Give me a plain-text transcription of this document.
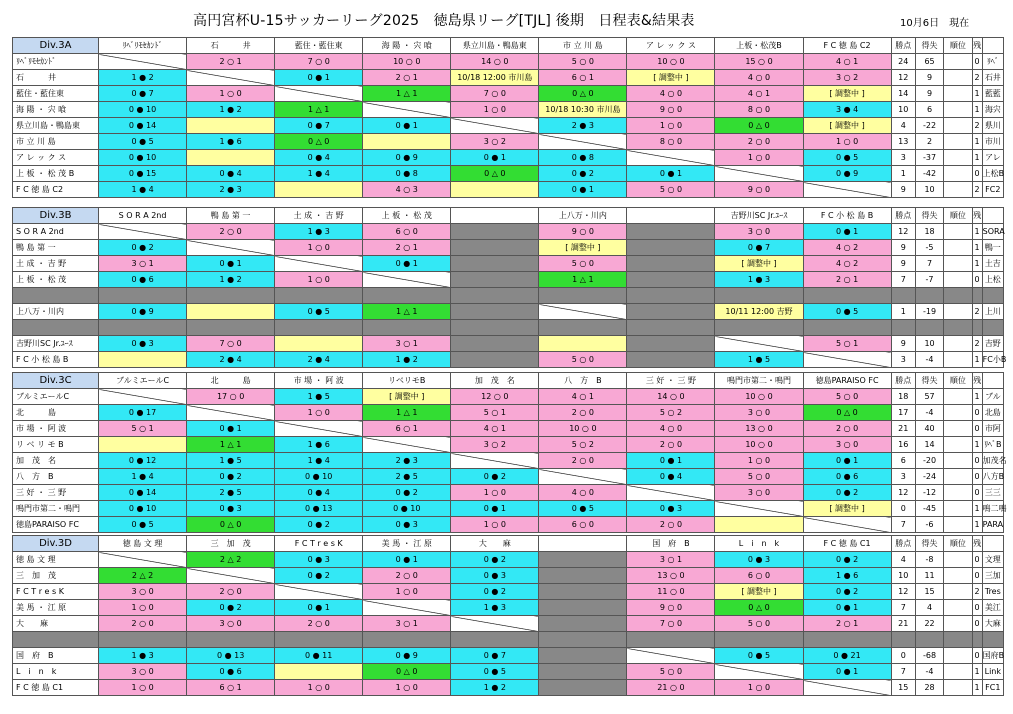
高円宮杯U-15サッカーリーグ2025　徳島県リーグ[TJL] 後期　日程表&結果表	10月6日　現在
Div.3A	ﾘﾍﾞﾘﾓｾｶﾝﾄﾞ	石　　　井	藍住・藍住東	海 陽 ・ 宍 喰	県立川島・鴨島東	市 立 川 島	ア レ ッ ク ス	上板・松茂B	F C 徳 島 C2	勝点	得失	順位	残	
ﾘﾍﾞﾘﾓｾｶﾝﾄﾞ		2 ○ 1	7 ○ 0	10 ○ 0	14 ○ 0	5 ○ 0	10 ○ 0	15 ○ 0	4 ○ 1	24	65		0	ﾘﾍﾞ
石　　　井	1 ● 2		0 ● 1	2 ○ 1	10/18 12:00 市川島	6 ○ 1	[ 調整中 ]	4 ○ 0	3 ○ 2	12	9		2	石井
藍住・藍住東	0 ● 7	1 ○ 0		1 △ 1	7 ○ 0	0 △ 0	4 ○ 0	4 ○ 1	[ 調整中 ]	14	9		1	藍藍
海 陽 ・ 宍 喰	0 ● 10	1 ● 2	1 △ 1		1 ○ 0	10/18 10:30 市川島	9 ○ 0	8 ○ 0	3 ● 4	10	6		1	海宍
県立川島・鴨島東	0 ● 14		0 ● 7	0 ● 1		2 ● 3	1 ○ 0	0 △ 0	[ 調整中 ]	4	-22		2	県川
市 立 川 島	0 ● 5	1 ● 6	0 △ 0		3 ○ 2		8 ○ 0	2 ○ 0	1 ○ 0	13	2		1	市川
ア レ ッ ク ス	0 ● 10		0 ● 4	0 ● 9	0 ● 1	0 ● 8		1 ○ 0	0 ● 5	3	-37		1	アレ
上 板 ・ 松 茂 B	0 ● 15	0 ● 4	1 ● 4	0 ● 8	0 △ 0	0 ● 2	0 ● 1		0 ● 9	1	-42		0	上松B
F C 徳 島 C2	1 ● 4	2 ● 3		4 ○ 3		0 ● 1	5 ○ 0	9 ○ 0		9	10		2	FC2
Div.3B	S O R A 2nd	鴨 島 第 一	土 成 ・ 吉 野	上 板 ・ 松 茂		上八万・川内		吉野川SC Jr.ﾕｰｽ	F C 小 松 島 B	勝点	得失	順位	残	
S O R A 2nd		2 ○ 0	1 ● 3	6 ○ 0		9 ○ 0		3 ○ 0	0 ● 1	12	18		1	SORA
鴨 島 第 一	0 ● 2		1 ○ 0	2 ○ 1		[ 調整中 ]		0 ● 7	4 ○ 2	9	-5		1	鴨一
土 成 ・ 吉 野	3 ○ 1	0 ● 1		0 ● 1		5 ○ 0		[ 調整中 ]	4 ○ 2	9	7		1	土吉
上 板 ・ 松 茂	0 ● 6	1 ● 2	1 ○ 0			1 △ 1		1 ● 3	2 ○ 1	7	-7		0	上松

上八万・川内	0 ● 9		0 ● 5	1 △ 1				10/11 12:00 吉野	0 ● 5	1	-19		2	上川

吉野川SC Jr.ﾕｰｽ	0 ● 3	7 ○ 0		3 ○ 1					5 ○ 1	9	10		2	吉野
F C 小 松 島 B		2 ● 4	2 ● 4	1 ● 2		5 ○ 0		1 ● 5		3	-4		1	FC小B
Div.3C	ブルミエールC	北　　　島	市 場 ・ 阿 波	リベリモB	加　茂　名	八　方　B	三 好 ・ 三 野	鳴門市第二・鳴門	徳島PARAISO FC	勝点	得失	順位	残	
ブルミエールC		17 ○ 0	1 ● 5	[ 調整中 ]	12 ○ 0	4 ○ 1	14 ○ 0	10 ○ 0	5 ○ 0	18	57		1	ブル
北　　　島	0 ● 17		1 ○ 0	1 △ 1	5 ○ 1	2 ○ 0	5 ○ 2	3 ○ 0	0 △ 0	17	-4		0	北島
市 場 ・ 阿 波	5 ○ 1	0 ● 1		6 ○ 1	4 ○ 1	10 ○ 0	4 ○ 0	13 ○ 0	2 ○ 0	21	40		0	市阿
リ ベ リ モ B		1 △ 1	1 ● 6		3 ○ 2	5 ○ 2	2 ○ 0	10 ○ 0	3 ○ 0	16	14		1	ﾘﾍﾞB
加　茂　名	0 ● 12	1 ● 5	1 ● 4	2 ● 3		2 ○ 0	0 ● 1	1 ○ 0	0 ● 1	6	-20		0	加茂名
八　方　B	1 ● 4	0 ● 2	0 ● 10	2 ● 5	0 ● 2		0 ● 4	5 ○ 0	0 ● 6	3	-24		0	八方B
三 好 ・ 三 野	0 ● 14	2 ● 5	0 ● 4	0 ● 2	1 ○ 0	4 ○ 0		3 ○ 0	0 ● 2	12	-12		0	三三
鳴門市第二・鳴門	0 ● 10	0 ● 3	0 ● 13	0 ● 10	0 ● 1	0 ● 5	0 ● 3		[ 調整中 ]	0	-45		1	鳴二鳴
徳島PARAISO FC	0 ● 5	0 △ 0	0 ● 2	0 ● 3	1 ○ 0	6 ○ 0	2 ○ 0			7	-6		1	PARA
Div.3D	徳 島 文 理	三　加　茂	F C T r e s K	美 馬 ・ 江 原	大　　麻		国　府　B	L　i　n　k	F C 徳 島 C1	勝点	得失	順位	残	
徳 島 文 理		2 △ 2	0 ● 3	0 ● 1	0 ● 2		3 ○ 1	0 ● 3	0 ● 2	4	-8		0	文理
三　加　茂	2 △ 2		0 ● 2	2 ○ 0	0 ● 3		13 ○ 0	6 ○ 0	1 ● 6	10	11		0	三加
F C T r e s K	3 ○ 0	2 ○ 0		1 ○ 0	0 ● 2		11 ○ 0	[ 調整中 ]	0 ● 2	12	15		2	Tres
美 馬 ・ 江 原	1 ○ 0	0 ● 2	0 ● 1		1 ● 3		9 ○ 0	0 △ 0	0 ● 1	7	4		0	美江
大　　麻	2 ○ 0	3 ○ 0	2 ○ 0	3 ○ 1			7 ○ 0	5 ○ 0	2 ○ 1	21	22		0	大麻

国　府　B	1 ● 3	0 ● 13	0 ● 11	0 ● 9	0 ● 7			0 ● 5	0 ● 21	0	-68		0	国府B
L　i　n　k	3 ○ 0	0 ● 6		0 △ 0	0 ● 5		5 ○ 0		0 ● 1	7	-4		1	Link
F C 徳 島 C1	1 ○ 0	6 ○ 1	1 ○ 0	1 ○ 0	1 ● 2		21 ○ 0	1 ○ 0		15	28		1	FC1
